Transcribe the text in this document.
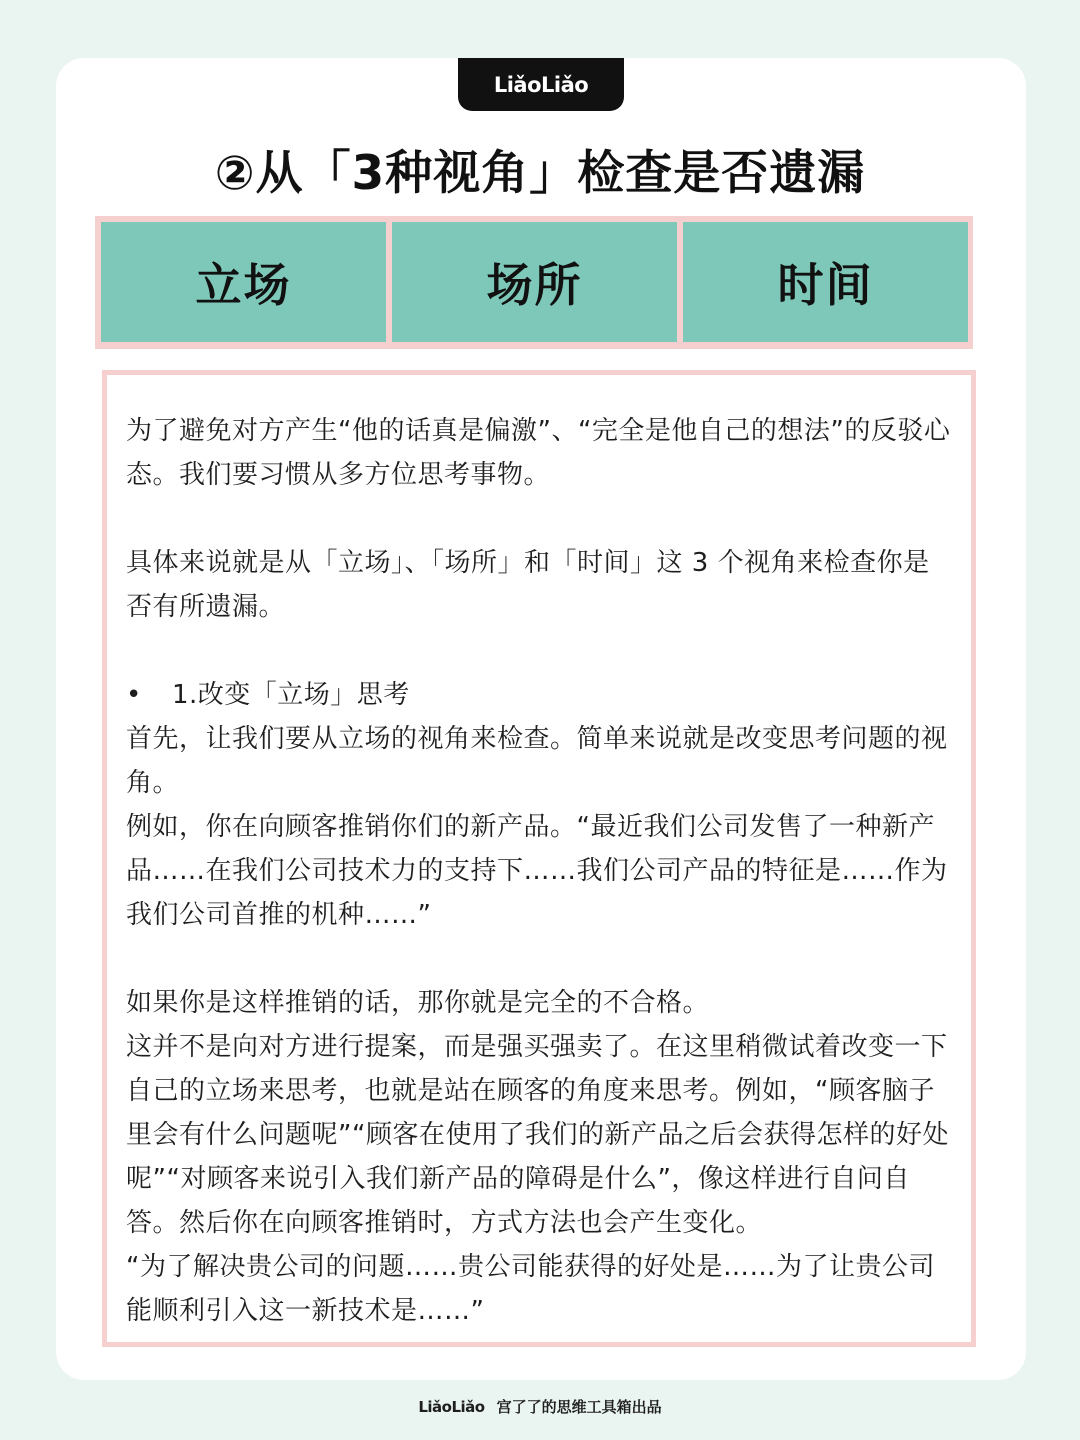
LiǎoLiǎo
②从「3种视角」检查是否遗漏
立场	场所	时间

为了避免对方产生“他的话真是偏激”、“完全是他自己的想法”的反驳心态。我们要习惯从多方位思考事物。

具体来说就是从「立场」、「场所」和「时间」这 3 个视角来检查你是否有所遗漏。

•	1.改变「立场」思考

首先，让我们要从立场的视角来检查。简单来说就是改变思考问题的视角。

例如，你在向顾客推销你们的新产品。“最近我们公司发售了一种新产品……在我们公司技术力的支持下……我们公司产品的特征是……作为我们公司首推的机种……”

如果你是这样推销的话，那你就是完全的不合格。

这并不是向对方进行提案，而是强买强卖了。在这里稍微试着改变一下自己的立场来思考，也就是站在顾客的角度来思考。例如，“顾客脑子里会有什么问题呢”“顾客在使用了我们的新产品之后会获得怎样的好处呢”“对顾客来说引入我们新产品的障碍是什么”，像这样进行自问自答。然后你在向顾客推销时，方式方法也会产生变化。

“为了解决贵公司的问题……贵公司能获得的好处是……为了让贵公司能顺利引入这一新技术是……”

LiǎoLiǎo 宫了了的思维工具箱出品
